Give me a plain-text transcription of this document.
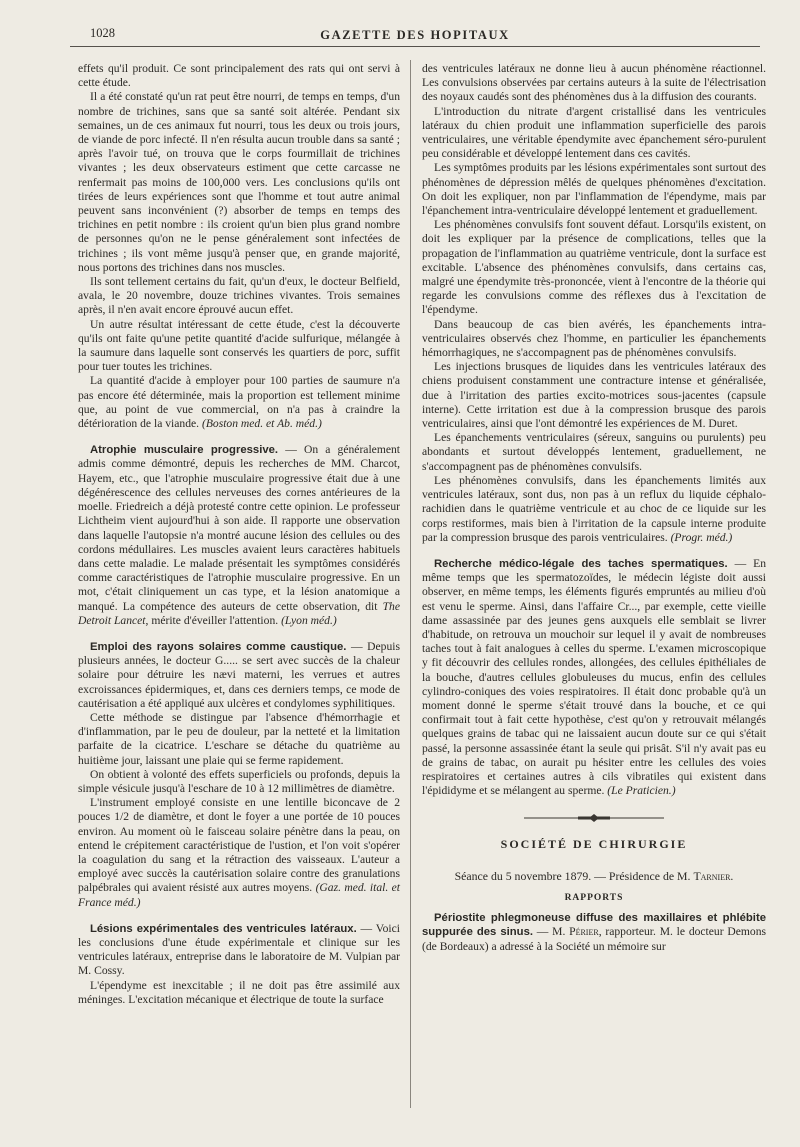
1028	GAZETTE DES HOPITAUX

effets qu'il produit. Ce sont principalement des rats qui ont servi à cette étude.

Il a été constaté qu'un rat peut être nourri, de temps en temps, d'un nombre de trichines, sans que sa santé soit altérée. Pendant six semaines, un de ces animaux fut nourri, tous les deux ou trois jours, de viande de porc infecté. Il n'en résulta aucun trouble dans sa santé ; après l'avoir tué, on trouva que le corps fourmillait de trichines vivantes ; les deux observateurs estiment que cette carcasse ne renfermait pas moins de 100,000 vers. Les conclusions qu'ils ont tirées de leurs expériences sont que l'homme et tout autre animal peuvent sans inconvénient (?) absorber de temps en temps des trichines en petit nombre : ils croient qu'un bien plus grand nombre de personnes qu'on ne le pense généralement sont infectées de trichines ; ils vont même jusqu'à penser que, en grande majorité, nous portons des trichines dans nos muscles.

Ils sont tellement certains du fait, qu'un d'eux, le docteur Belfield, avala, le 20 novembre, douze trichines vivantes. Trois semaines après, il n'en avait encore éprouvé aucun effet.

Un autre résultat intéressant de cette étude, c'est la découverte qu'ils ont faite qu'une petite quantité d'acide sulfurique, mélangée à la saumure dans laquelle sont conservés les quartiers de porc, suffit pour tuer toutes les trichines.

La quantité d'acide à employer pour 100 parties de saumure n'a pas encore été déterminée, mais la proportion est tellement minime que, au point de vue commercial, on n'a pas à craindre la détérioration de la viande. (Boston med. et Ab. méd.)

Atrophie musculaire progressive. — On a généralement admis comme démontré, depuis les recherches de MM. Charcot, Hayem, etc., que l'atrophie musculaire progressive était due à une dégénérescence des cellules nerveuses des cornes antérieures de la moelle. Friedreich a déjà protesté contre cette opinion. Le professeur Lichtheim vient aujourd'hui à son aide. Il rapporte une observation dans laquelle l'autopsie n'a montré aucune lésion des cellules ou des cordons médullaires. Les muscles avaient leurs caractères habituels dans cette maladie. Le malade présentait les symptômes considérés comme caractéristiques de l'atrophie musculaire progressive. En un mot, c'était cliniquement un cas type, et la lésion anatomique a manqué. La compétence des auteurs de cette observation, dit The Detroit Lancet, mérite d'éveiller l'attention. (Lyon méd.)

Emploi des rayons solaires comme caustique. — Depuis plusieurs années, le docteur G..... se sert avec succès de la chaleur solaire pour détruire les nævi materni, les verrues et autres excroissances épidermiques, et, dans ces derniers temps, ce mode de cautérisation a été appliqué aux ulcères et condylomes syphilitiques.

Cette méthode se distingue par l'absence d'hémorrhagie et d'inflammation, par le peu de douleur, par la netteté et la limitation parfaite de la cicatrice. L'eschare se détache du quatrième au huitième jour, laissant une plaie qui se ferme rapidement.

On obtient à volonté des effets superficiels ou profonds, depuis la simple vésicule jusqu'à l'eschare de 10 à 12 millimètres de diamètre.

L'instrument employé consiste en une lentille biconcave de 2 pouces 1/2 de diamètre, et dont le foyer a une portée de 10 pouces environ. Au moment où le faisceau solaire pénètre dans la peau, on entend le crépitement caractéristique de l'ustion, et l'on voit s'opérer la coagulation du sang et la rétraction des vaisseaux. L'auteur a employé avec succès la cautérisation solaire contre des granulations palpébrales qui avaient résisté aux autres moyens. (Gaz. med. ital. et France méd.)

Lésions expérimentales des ventricules latéraux. — Voici les conclusions d'une étude expérimentale et clinique sur les ventricules latéraux, entreprise dans le laboratoire de M. Vulpian par M. Cossy.

L'épendyme est inexcitable ; il ne doit pas être assimilé aux méninges. L'excitation mécanique et électrique de toute la surface

des ventricules latéraux ne donne lieu à aucun phénomène réactionnel. Les convulsions observées par certains auteurs à la suite de l'électrisation des noyaux caudés sont des phénomènes dus à la diffusion des courants.

L'introduction du nitrate d'argent cristallisé dans les ventricules latéraux du chien produit une inflammation superficielle des parois ventriculaires, une véritable épendymite avec épanchement séro-purulent peu considérable et développé lentement dans ces cavités.

Les symptômes produits par les lésions expérimentales sont surtout des phénomènes de dépression mêlés de quelques phénomènes d'excitation. On doit les expliquer, non par l'inflammation de l'épendyme, mais par l'épanchement intra-ventriculaire développé lentement et graduellement.

Les phénomènes convulsifs font souvent défaut. Lorsqu'ils existent, on doit les expliquer par la présence de complications, telles que la propagation de l'inflammation au quatrième ventricule, dont la surface est excitable. L'absence des phénomènes convulsifs, dans certains cas, malgré une épendymite très-prononcée, vient à l'encontre de la théorie qui regarde les convulsions comme des réflexes dus à l'excitation de l'épendyme.

Dans beaucoup de cas bien avérés, les épanchements intra-ventriculaires observés chez l'homme, en particulier les épanchements hémorrhagiques, ne s'accompagnent pas de phénomènes convulsifs.

Les injections brusques de liquides dans les ventricules latéraux des chiens produisent constamment une contracture intense et généralisée, due à l'irritation des parties excito-motrices sous-jacentes (capsule interne). Cette irritation est due à la compression brusque des parois ventriculaires, ainsi que l'ont démontré les expériences de M. Duret.

Les épanchements ventriculaires (séreux, sanguins ou purulents) peu abondants et surtout développés lentement, graduellement, ne s'accompagnent pas de phénomènes convulsifs.

Les phénomènes convulsifs, dans les épanchements limités aux ventricules latéraux, sont dus, non pas à un reflux du liquide céphalo-rachidien dans le quatrième ventricule et au choc de ce liquide sur les corps restiformes, mais bien à l'irritation de la capsule interne produite par la compression brusque des parois ventriculaires. (Progr. méd.)

Recherche médico-légale des taches spermatiques. — En même temps que les spermatozoïdes, le médecin légiste doit aussi observer, en même temps, les éléments figurés empruntés au milieu d'où est venu le sperme. Ainsi, dans l'affaire Cr..., par exemple, cette vieille dame assassinée par des jeunes gens auxquels elle semblait se livrer d'habitude, on retrouva un mouchoir sur lequel il y avait de nombreuses taches tout à fait analogues à celles du sperme. L'examen microscopique y fit découvrir des cellules rondes, allongées, des cellules épithéliales de la bouche, d'autres cellules globuleuses du mucus, enfin des cellules cylindro-coniques des voies respiratoires. Il était donc probable qu'à un moment donné le sperme s'était trouvé dans la bouche, et ce qui confirmait tout à fait cette hypothèse, c'est qu'on y retrouvait mélangés quelques grains de tabac qui ne laissaient aucun doute sur ce qui s'était passé, la personne assassinée étant la seule qui prisât. S'il n'y avait pas eu de grains de tabac, on aurait pu hésiter entre les cellules des voies respiratoires et certaines autres à cils vibratiles qui existent dans l'épididyme et se mélangent au sperme. (Le Praticien.)

SOCIÉTÉ DE CHIRURGIE
Séance du 5 novembre 1879. — Présidence de M. Tarnier.
RAPPORTS

Périostite phlegmoneuse diffuse des maxillaires et phlébite suppurée des sinus. — M. Périer, rapporteur. M. le docteur Demons (de Bordeaux) a adressé à la Société un mémoire sur
